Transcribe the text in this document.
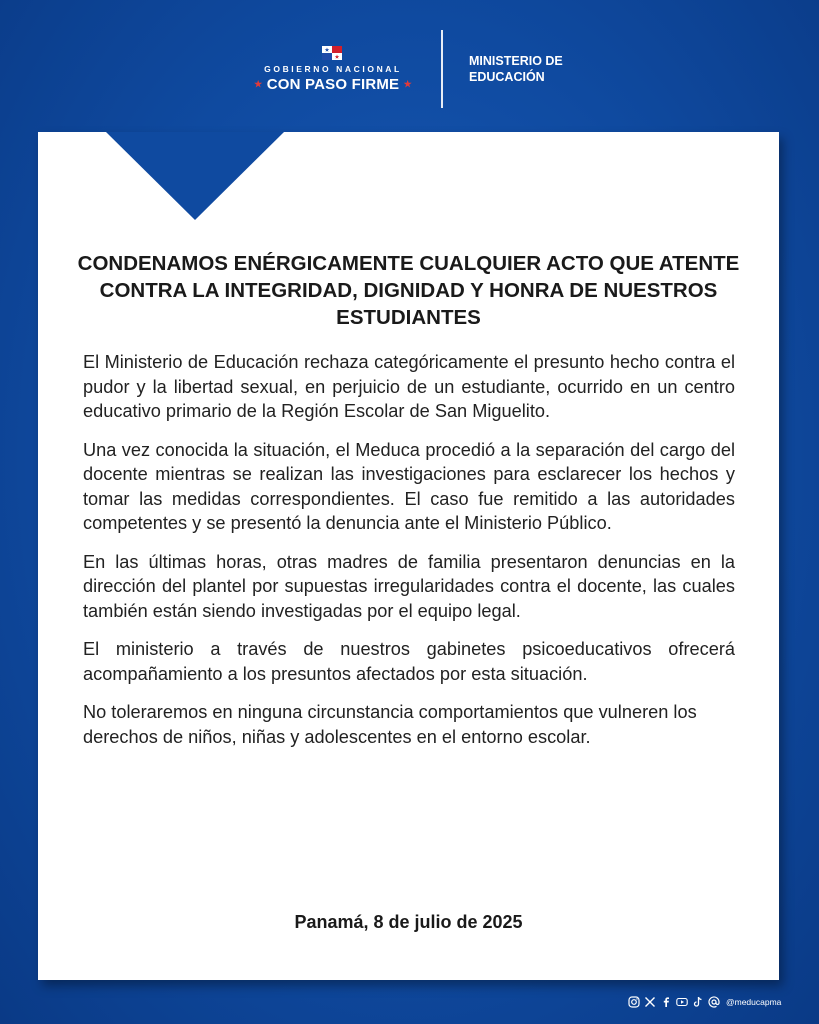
GOBIERNO NACIONAL
★ CON PASO FIRME ★
MINISTERIO DE
EDUCACIÓN
CONDENAMOS ENÉRGICAMENTE CUALQUIER ACTO QUE ATENTE CONTRA LA INTEGRIDAD, DIGNIDAD Y HONRA DE NUESTROS ESTUDIANTES

El Ministerio de Educación rechaza categóricamente el presunto hecho contra el pudor y la libertad sexual, en perjuicio de un estudiante, ocurrido en un centro educativo primario de la Región Escolar de San Miguelito.

Una vez conocida la situación, el Meduca procedió a la separación del cargo del docente mientras se realizan las investigaciones para esclarecer los hechos y tomar las medidas correspondientes. El caso fue remitido a las autoridades competentes y se presentó la denuncia ante el Ministerio Público.

En las últimas horas, otras madres de familia presentaron denuncias en la dirección del plantel por supuestas irregularidades contra el docente, las cuales también están siendo investigadas por el equipo legal.

El ministerio a través de nuestros gabinetes psicoeducativos ofrecerá acompañamiento a los presuntos afectados por esta situación.

No toleraremos en ninguna circunstancia comportamientos que vulneren los derechos de niños, niñas y adolescentes en el entorno escolar.

Panamá, 8 de julio de 2025
@meducapma
